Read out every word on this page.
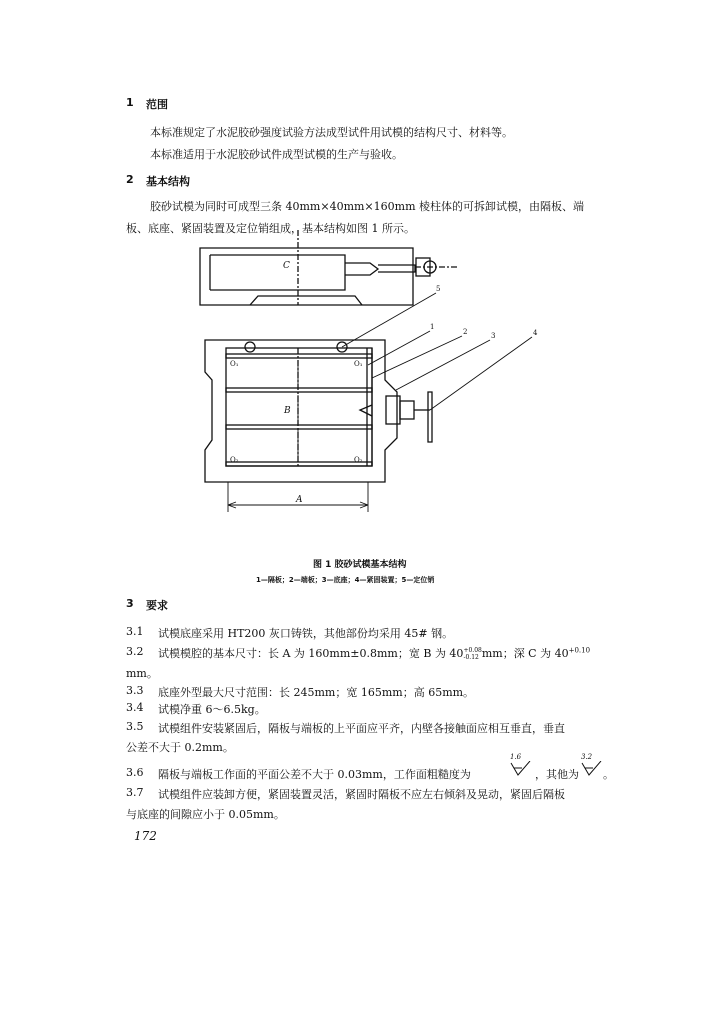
1 范围
本标准规定了水泥胶砂强度试验方法成型试件用试模的结构尺寸、材料等。
本标准适用于水泥胶砂试件成型试模的生产与验收。
2 基本结构
胶砂试模为同时可成型三条 40mm×40mm×160mm 棱柱体的可拆卸试模，由隔板、端
板、底座、紧固装置及定位销组成，基本结构如图 1 所示。
5
1
2	3	4
A
B
C
O₁	O₁
O₂	O₂
图 1 胶砂试模基本结构
1—隔板；2—端板；3—底座；4—紧固装置；5—定位销
3 要求
3.1 试模底座采用 HT200 灰口铸铁，其他部份均采用 45# 钢。
3.2 试模模腔的基本尺寸：长 A 为 160mm±0.8mm；宽 B 为 40+0.08
-0.12 mm；深 C 为 $40^{+0.10}$
mm。
3.3 底座外型最大尺寸范围：长 245mm；宽 165mm；高 65mm。
3.4 试模净重 6～6.5kg。
3.5 试模组件安装紧固后，隔板与端板的上平面应平齐，内壁各接触面应相互垂直，垂直
公差不大于 0.2mm。
3.6 隔板与端板工作面的平面公差不大于 0.03mm，工作面粗糙度为
1.6
，其他为
3.2
。
3.7 试模组件应装卸方便，紧固装置灵活，紧固时隔板不应左右倾斜及晃动，紧固后隔板
与底座的间隙应小于 0.05mm。
172
